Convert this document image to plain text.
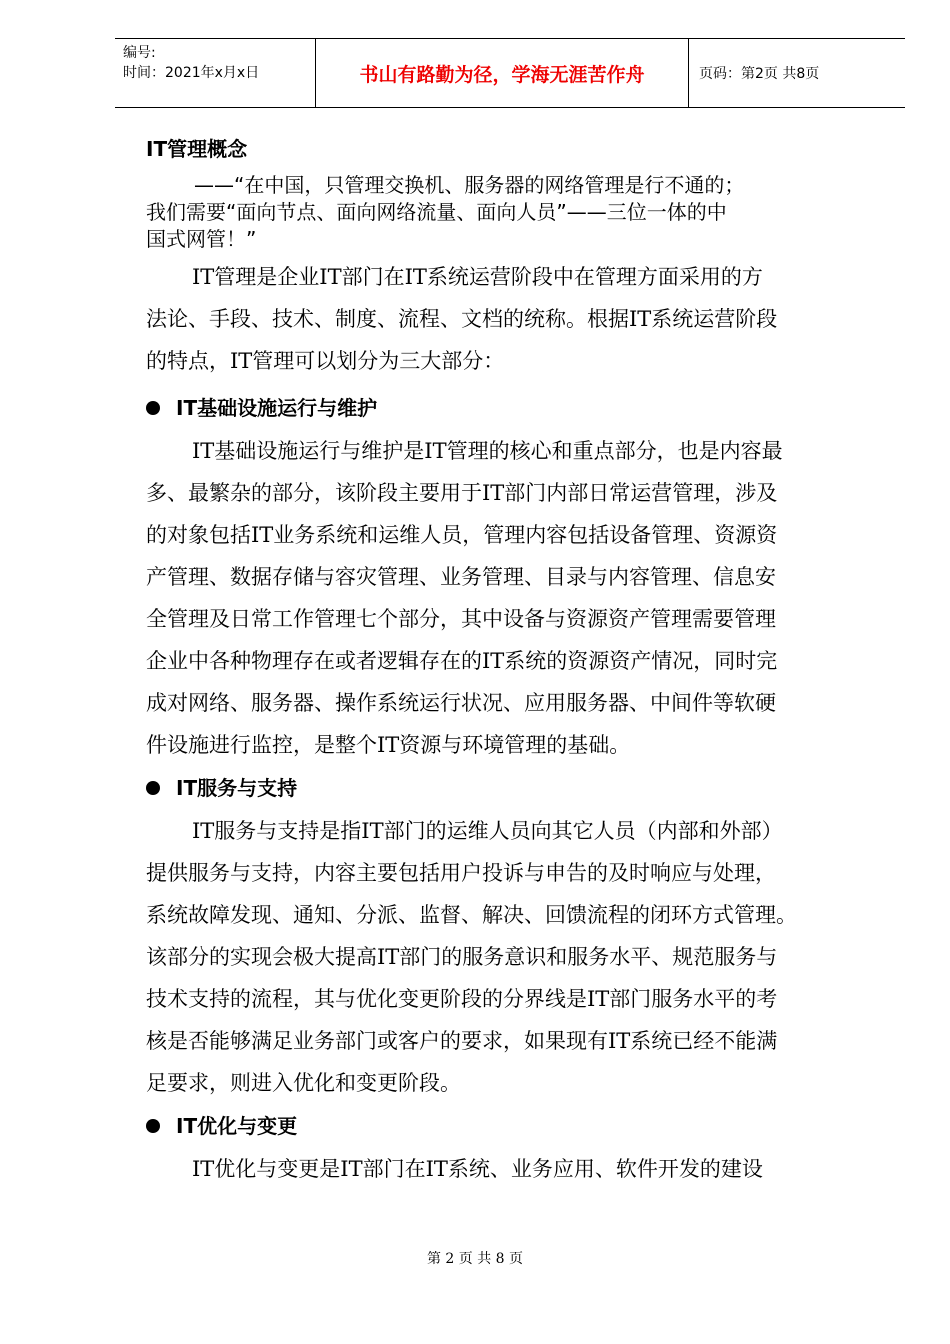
编号:
时间：2021年x月x日	书山有路勤为径，学海无涯苦作舟	页码：第2页 共8页
IT管理概念
——“在中国，只管理交换机、服务器的网络管理是行不通的；
我们需要“面向节点、面向网络流量、面向人员”——三位一体的中
国式网管！”
IT管理是企业IT部门在IT系统运营阶段中在管理方面采用的方
法论、手段、技术、制度、流程、文档的统称。根据IT系统运营阶段
的特点，IT管理可以划分为三大部分：
IT基础设施运行与维护
IT基础设施运行与维护是IT管理的核心和重点部分，也是内容最
多、最繁杂的部分，该阶段主要用于IT部门内部日常运营管理，涉及
的对象包括IT业务系统和运维人员，管理内容包括设备管理、资源资
产管理、数据存储与容灾管理、业务管理、目录与内容管理、信息安
全管理及日常工作管理七个部分，其中设备与资源资产管理需要管理
企业中各种物理存在或者逻辑存在的IT系统的资源资产情况，同时完
成对网络、服务器、操作系统运行状况、应用服务器、中间件等软硬
件设施进行监控，是整个IT资源与环境管理的基础。
IT服务与支持
IT服务与支持是指IT部门的运维人员向其它人员（内部和外部）
提供服务与支持，内容主要包括用户投诉与申告的及时响应与处理，
系统故障发现、通知、分派、监督、解决、回馈流程的闭环方式管理。
该部分的实现会极大提高IT部门的服务意识和服务水平、规范服务与
技术支持的流程，其与优化变更阶段的分界线是IT部门服务水平的考
核是否能够满足业务部门或客户的要求，如果现有IT系统已经不能满
足要求，则进入优化和变更阶段。
IT优化与变更
IT优化与变更是IT部门在IT系统、业务应用、软件开发的建设
第 2 页 共 8 页
